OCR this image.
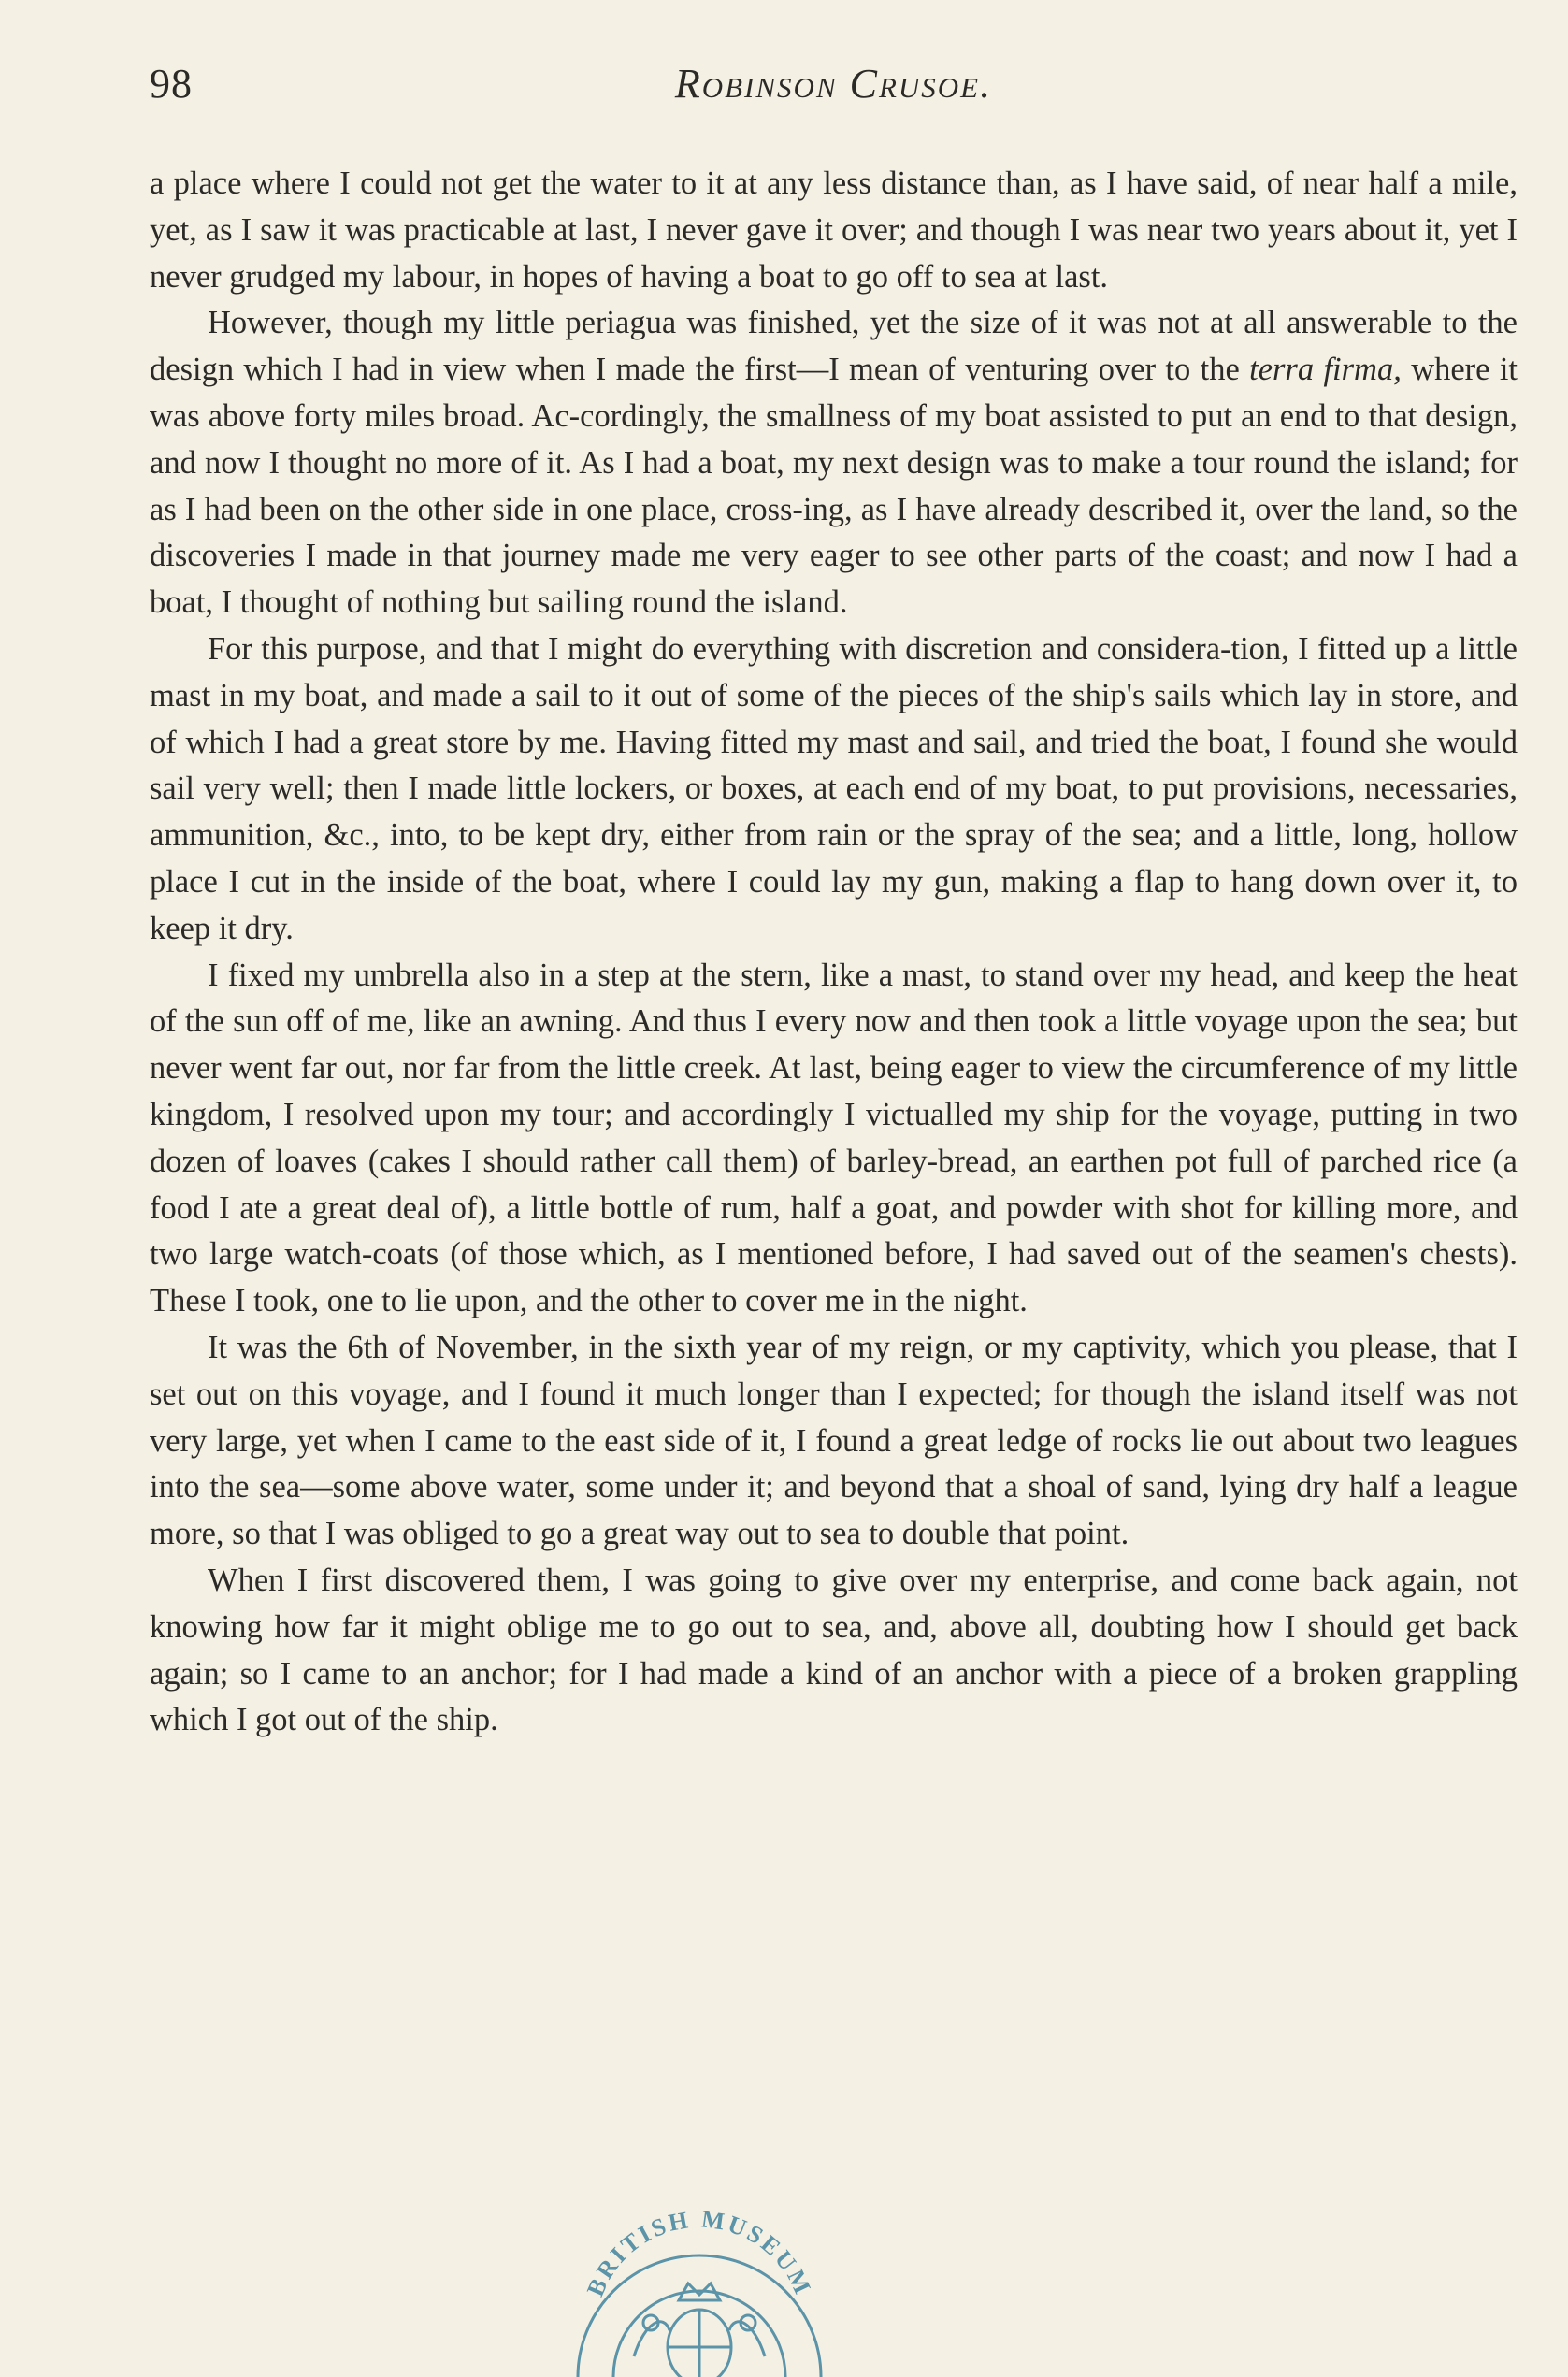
98	Robinson Crusoe.

a place where I could not get the water to it at any less distance than, as I have said, of near half a mile, yet, as I saw it was practicable at last, I never gave it over; and though I was near two years about it, yet I never grudged my labour, in hopes of having a boat to go off to sea at last.

However, though my little periagua was finished, yet the size of it was not at all answerable to the design which I had in view when I made the first—I mean of venturing over to the terra firma, where it was above forty miles broad. Ac-cordingly, the smallness of my boat assisted to put an end to that design, and now I thought no more of it. As I had a boat, my next design was to make a tour round the island; for as I had been on the other side in one place, cross-ing, as I have already described it, over the land, so the discoveries I made in that journey made me very eager to see other parts of the coast; and now I had a boat, I thought of nothing but sailing round the island.

For this purpose, and that I might do everything with discretion and considera-tion, I fitted up a little mast in my boat, and made a sail to it out of some of the pieces of the ship's sails which lay in store, and of which I had a great store by me. Having fitted my mast and sail, and tried the boat, I found she would sail very well; then I made little lockers, or boxes, at each end of my boat, to put provisions, necessaries, ammunition, &c., into, to be kept dry, either from rain or the spray of the sea; and a little, long, hollow place I cut in the inside of the boat, where I could lay my gun, making a flap to hang down over it, to keep it dry.

I fixed my umbrella also in a step at the stern, like a mast, to stand over my head, and keep the heat of the sun off of me, like an awning. And thus I every now and then took a little voyage upon the sea; but never went far out, nor far from the little creek. At last, being eager to view the circumference of my little kingdom, I resolved upon my tour; and accordingly I victualled my ship for the voyage, putting in two dozen of loaves (cakes I should rather call them) of barley-bread, an earthen pot full of parched rice (a food I ate a great deal of), a little bottle of rum, half a goat, and powder with shot for killing more, and two large watch-coats (of those which, as I mentioned before, I had saved out of the seamen's chests). These I took, one to lie upon, and the other to cover me in the night.

It was the 6th of November, in the sixth year of my reign, or my captivity, which you please, that I set out on this voyage, and I found it much longer than I expected; for though the island itself was not very large, yet when I came to the east side of it, I found a great ledge of rocks lie out about two leagues into the sea—some above water, some under it; and beyond that a shoal of sand, lying dry half a league more, so that I was obliged to go a great way out to sea to double that point.

When I first discovered them, I was going to give over my enterprise, and come back again, not knowing how far it might oblige me to go out to sea, and, above all, doubting how I should get back again; so I came to an anchor; for I had made a kind of an anchor with a piece of a broken grappling which I got out of the ship.

BRITISH MUSEUM
